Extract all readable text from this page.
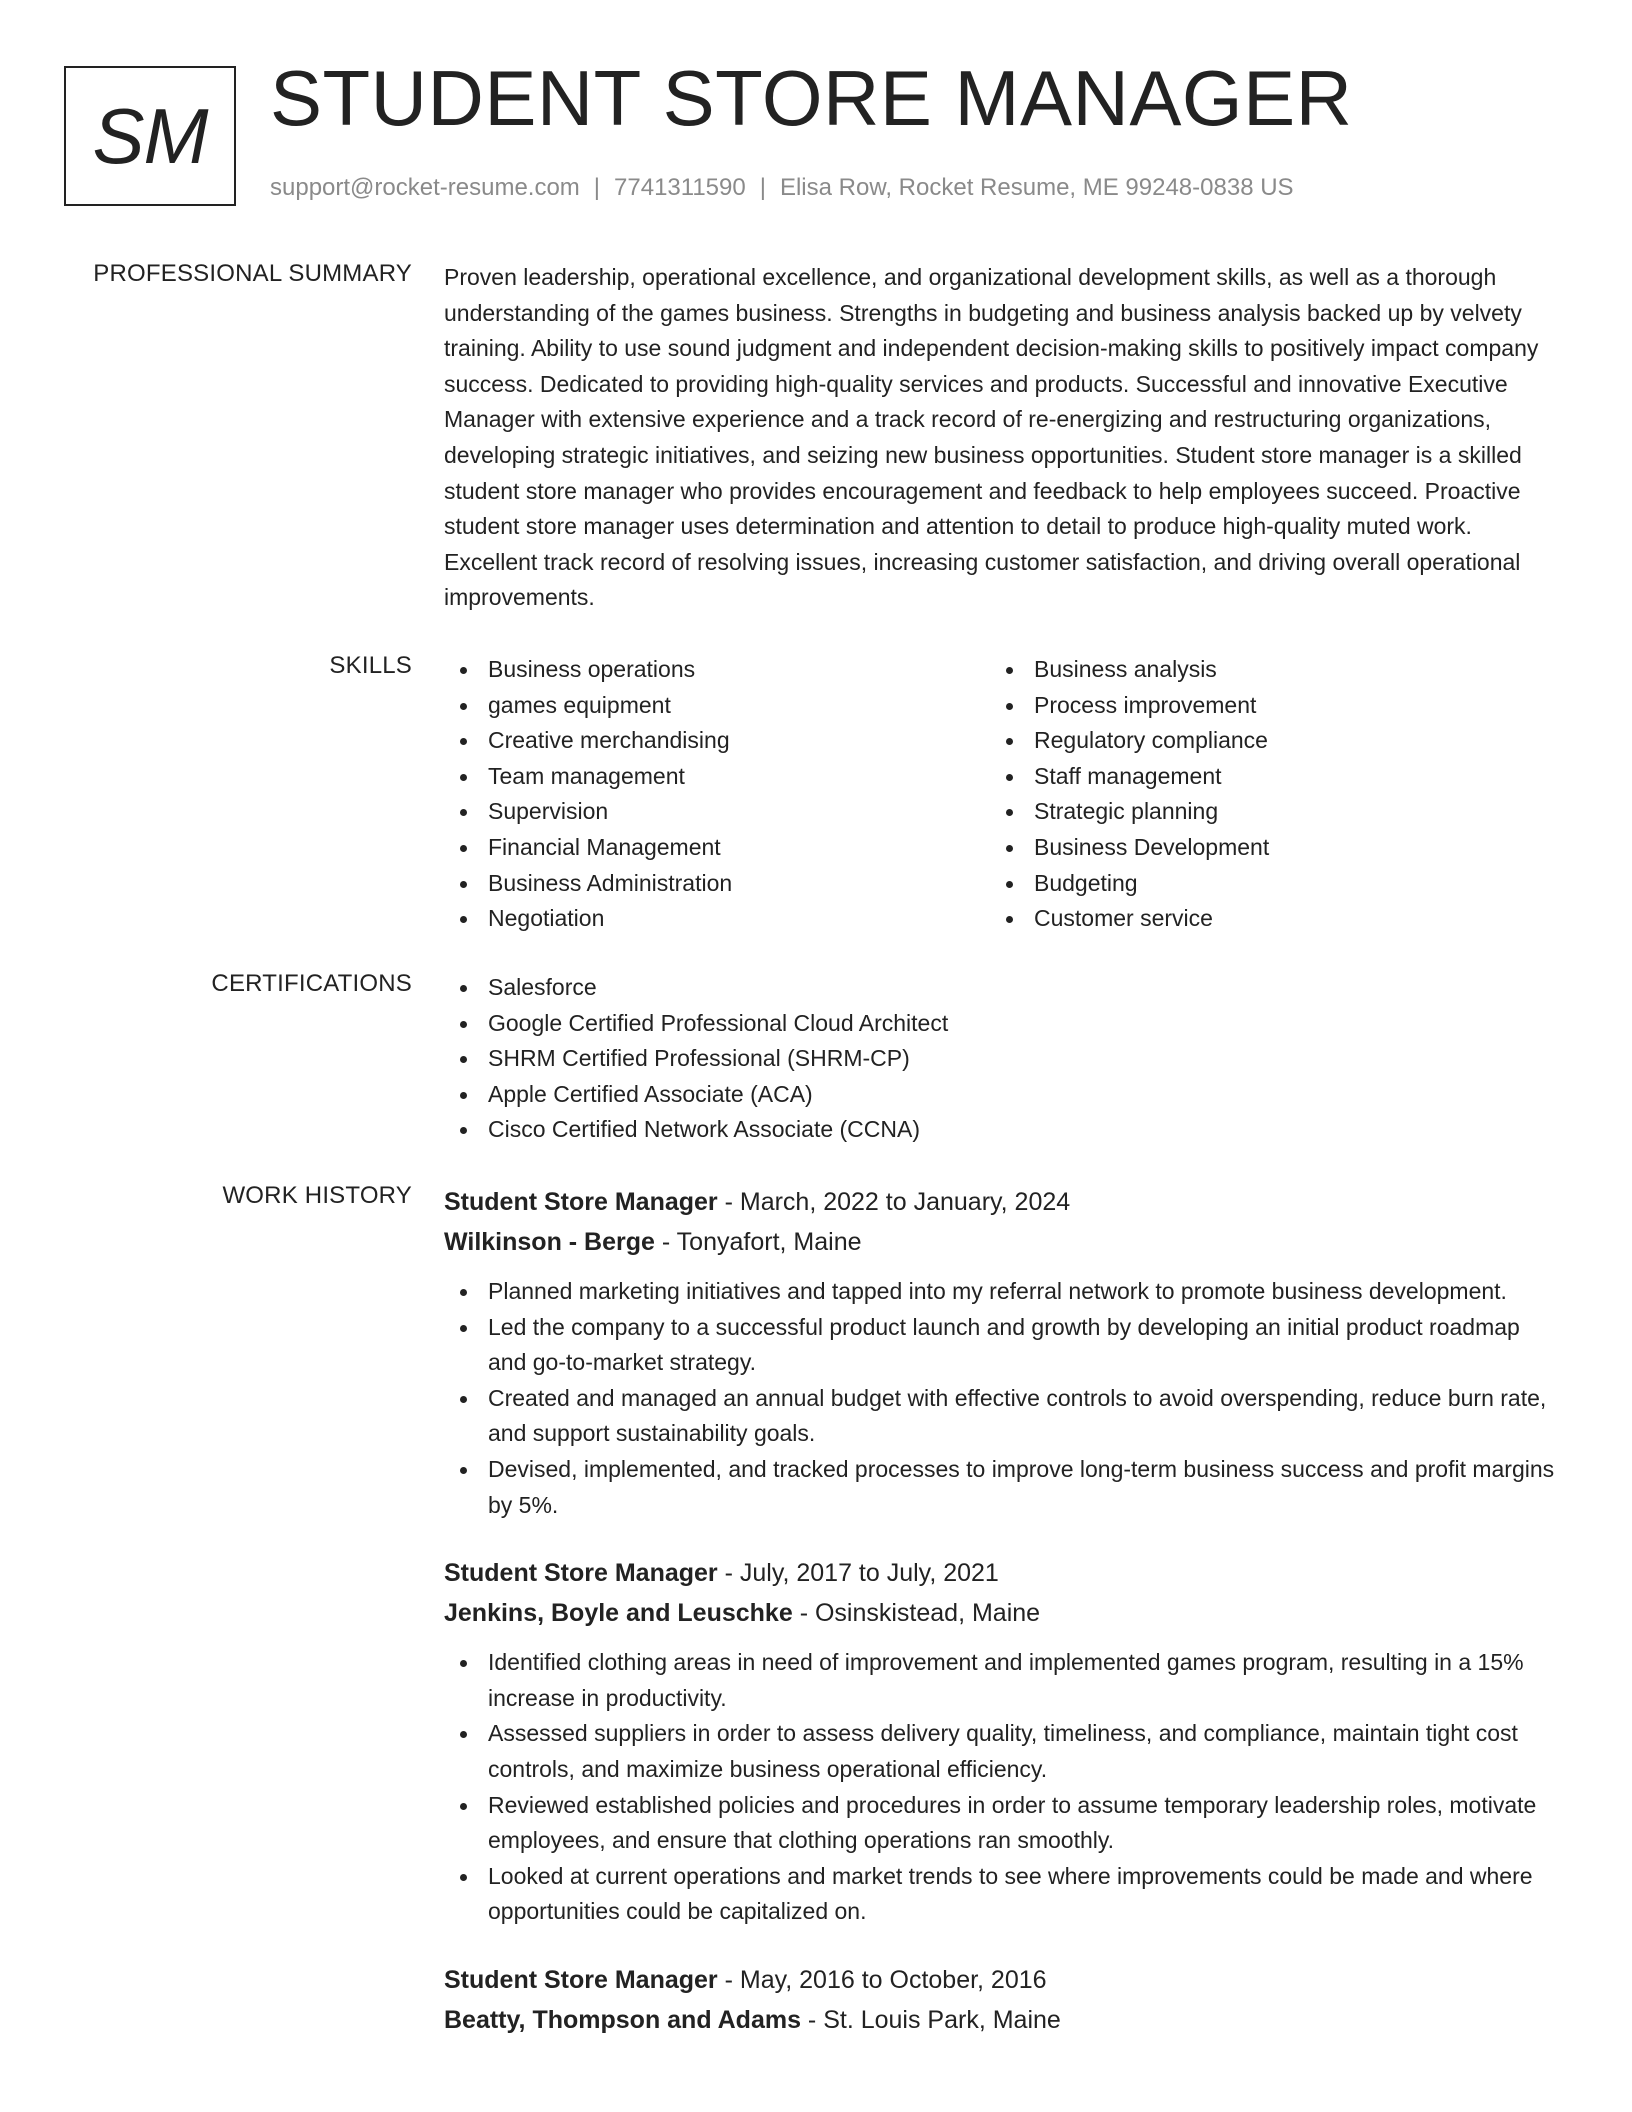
SM STUDENT STORE MANAGER
support@rocket-resume.com | 7741311590 | Elisa Row, Rocket Resume, ME 99248-0838 US
PROFESSIONAL SUMMARY Proven leadership, operational excellence, and organizational development skills, as well as a thorough understanding of the games business. Strengths in budgeting and business analysis backed up by velvety training. Ability to use sound judgment and independent decision-making skills to positively impact company success. Dedicated to providing high-quality services and products. Successful and innovative Executive Manager with extensive experience and a track record of re-energizing and restructuring organizations, developing strategic initiatives, and seizing new business opportunities. Student store manager is a skilled student store manager who provides encouragement and feedback to help employees succeed. Proactive student store manager uses determination and attention to detail to produce high-quality muted work. Excellent track record of resolving issues, increasing customer satisfaction, and driving overall operational improvements.

SKILLS	Business operations
games equipment
Creative merchandising
Team management
Supervision
Financial Management
Business Administration
Negotiation
Business analysis
Process improvement
Regulatory compliance
Staff management
Strategic planning
Business Development
Budgeting
Customer service
CERTIFICATIONS	Salesforce
Google Certified Professional Cloud Architect
SHRM Certified Professional (SHRM-CP)
Apple Certified Associate (ACA)
Cisco Certified Network Associate (CCNA)
WORK HISTORY Student Store Manager - March, 2022 to January, 2024
Wilkinson - Berge - Tonyafort, Maine
Planned marketing initiatives and tapped into my referral network to promote business development.
Led the company to a successful product launch and growth by developing an initial product roadmap and go-to-market strategy.
Created and managed an annual budget with effective controls to avoid overspending, reduce burn rate, and support sustainability goals.
Devised, implemented, and tracked processes to improve long-term business success and profit margins by 5%.
Student Store Manager - July, 2017 to July, 2021
Jenkins, Boyle and Leuschke - Osinskistead, Maine
Identified clothing areas in need of improvement and implemented games program, resulting in a 15% increase in productivity.
Assessed suppliers in order to assess delivery quality, timeliness, and compliance, maintain tight cost controls, and maximize business operational efficiency.
Reviewed established policies and procedures in order to assume temporary leadership roles, motivate employees, and ensure that clothing operations ran smoothly.
Looked at current operations and market trends to see where improvements could be made and where opportunities could be capitalized on.
Student Store Manager - May, 2016 to October, 2016
Beatty, Thompson and Adams - St. Louis Park, Maine
